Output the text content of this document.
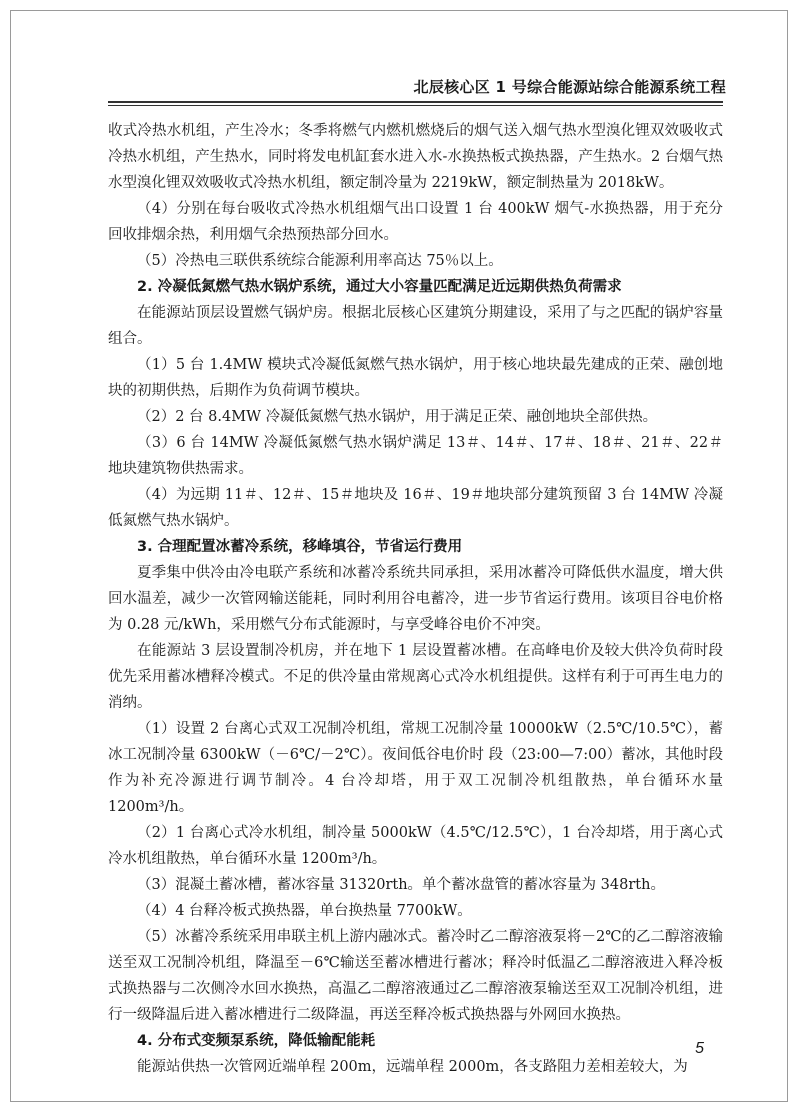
北辰核心区 1 号综合能源站综合能源系统工程

收式冷热水机组，产生冷水；冬季将燃气内燃机燃烧后的烟气送入烟气热水型溴化锂双效吸收式冷热水机组，产生热水，同时将发电机缸套水进入水-水换热板式换热器，产生热水。2 台烟气热水型溴化锂双效吸收式冷热水机组，额定制冷量为 2219kW，额定制热量为 2018kW。

（4）分别在每台吸收式冷热水机组烟气出口设置 1 台 400kW 烟气-水换热器，用于充分回收排烟余热，利用烟气余热预热部分回水。

（5）冷热电三联供系统综合能源利用率高达 75％以上。

2. 冷凝低氮燃气热水锅炉系统，通过大小容量匹配满足近远期供热负荷需求

在能源站顶层设置燃气锅炉房。根据北辰核心区建筑分期建设，采用了与之匹配的锅炉容量组合。

（1）5 台 1.4MW 模块式冷凝低氮燃气热水锅炉，用于核心地块最先建成的正荣、融创地块的初期供热，后期作为负荷调节模块。

（2）2 台 8.4MW 冷凝低氮燃气热水锅炉，用于满足正荣、融创地块全部供热。

（3）6 台 14MW 冷凝低氮燃气热水锅炉满足 13＃、14＃、17＃、18＃、21＃、22＃地块建筑物供热需求。

（4）为远期 11＃、12＃、15＃地块及 16＃、19＃地块部分建筑预留 3 台 14MW 冷凝低氮燃气热水锅炉。

3. 合理配置冰蓄冷系统，移峰填谷，节省运行费用

夏季集中供冷由冷电联产系统和冰蓄冷系统共同承担，采用冰蓄冷可降低供水温度，增大供回水温差，减少一次管网输送能耗，同时利用谷电蓄冷，进一步节省运行费用。该项目谷电价格为 0.28 元/kWh，采用燃气分布式能源时，与享受峰谷电价不冲突。

在能源站 3 层设置制冷机房，并在地下 1 层设置蓄冰槽。在高峰电价及较大供冷负荷时段优先采用蓄冰槽释冷模式。不足的供冷量由常规离心式冷水机组提供。这样有利于可再生电力的消纳。

（1）设置 2 台离心式双工况制冷机组，常规工况制冷量 10000kW（2.5℃/10.5℃），蓄冰工况制冷量 6300kW（－6℃/－2℃）。夜间低谷电价时 段（23:00—7:00）蓄冰，其他时段作为补充冷源进行调节制冷。4 台冷却塔，用于双工况制冷机组散热，单台循环水量 1200m³/h。

（2）1 台离心式冷水机组，制冷量 5000kW（4.5℃/12.5℃），1 台冷却塔，用于离心式冷水机组散热，单台循环水量 1200m³/h。

（3）混凝土蓄冰槽，蓄冰容量 31320rth。单个蓄冰盘管的蓄冰容量为 348rth。

（4）4 台释冷板式换热器，单台换热量 7700kW。

（5）冰蓄冷系统采用串联主机上游内融冰式。蓄冷时乙二醇溶液泵将－2℃的乙二醇溶液输送至双工况制冷机组，降温至－6℃输送至蓄冰槽进行蓄冰；释冷时低温乙二醇溶液进入释冷板式换热器与二次侧冷水回水换热，高温乙二醇溶液通过乙二醇溶液泵输送至双工况制冷机组，进行一级降温后进入蓄冰槽进行二级降温，再送至释冷板式换热器与外网回水换热。

4. 分布式变频泵系统，降低输配能耗

能源站供热一次管网近端单程 200m，远端单程 2000m，各支路阻力差相差较大，为

5
